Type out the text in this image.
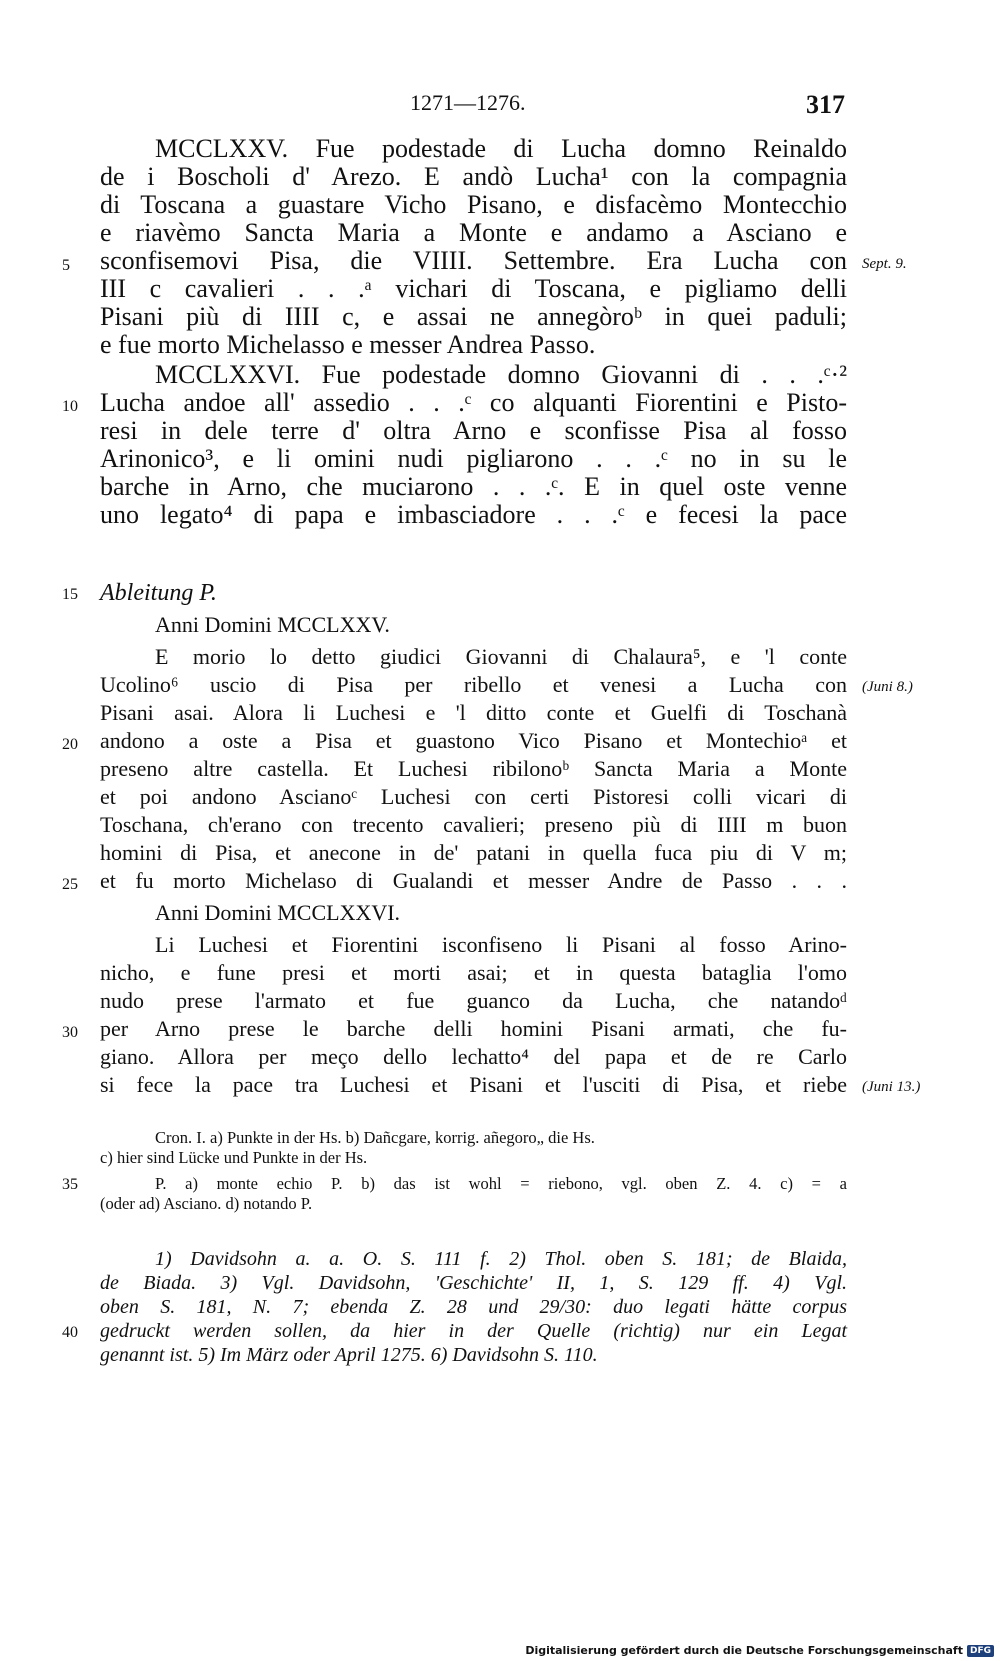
1271—1276.	317
MCCLXXV. Fue podestade di Lucha domno Reinaldo
de i Boscholi d' Arezo. E andò Lucha¹ con la compagnia
di Toscana a guastare Vicho Pisano, e disfacèmo Montecchio
e riavèmo Sancta Maria a Monte e andamo a Asciano e
sconfisemovi Pisa, die VIIII. Settembre. Era Lucha con
III c cavalieri . . .ᵃ vichari di Toscana, e pigliamo delli
Pisani più di IIII c, e assai ne annegòroᵇ in quei paduli;
e fue morto Michelasso e messer Andrea Passo.
MCCLXXVI. Fue podestade domno Giovanni di . . .ᶜ·²
Lucha andoe all' assedio . . .ᶜ co alquanti Fiorentini e Pisto-
resi in dele terre d' oltra Arno e sconfisse Pisa al fosso
Arinonico³, e li omini nudi pigliarono . . .ᶜ no in su le
barche in Arno, che muciarono . . .ᶜ. E in quel oste venne
uno legato⁴ di papa e imbasciadore . . .ᶜ e fecesi la pace
5
10
Sept. 9.
15 Ableitung P.
Anni Domini MCCLXXV.
E morio lo detto giudici Giovanni di Chalaura⁵, e 'l conte
Ucolino⁶ uscio di Pisa per ribello et venesi a Lucha con
Pisani asai. Alora li Luchesi e 'l ditto conte et Guelfi di Toschanà
andono a oste a Pisa et guastono Vico Pisano et Montechioᵃ et
preseno altre castella. Et Luchesi ribilonoᵇ Sancta Maria a Monte
et poi andono Ascianoᶜ Luchesi con certi Pistoresi colli vicari di
Toschana, ch'erano con trecento cavalieri; preseno più di IIII m buon
homini di Pisa, et anecone in de' patani in quella fuca piu di V m;
et fu morto Michelaso di Gualandi et messer Andre de Passo . . .
Anni Domini MCCLXXVI.
Li Luchesi et Fiorentini isconfiseno li Pisani al fosso Arino-
nicho, e fune presi et morti asai; et in questa bataglia l'omo
nudo prese l'armato et fue guanco da Lucha, che natandoᵈ
per Arno prese le barche delli homini Pisani armati, che fu-
giano. Allora per meço dello lechatto⁴ del papa et de re Carlo
si fece la pace tra Luchesi et Pisani et l'usciti di Pisa, et riebe
20
25
30
(Juni 8.)
(Juni 13.)
Cron. I. a) Punkte in der Hs. b) Dañcgare, korrig. añegoro„ die Hs.
c) hier sind Lücke und Punkte in der Hs.
P. a) monte echio P. b) das ist wohl = riebono, vgl. oben Z. 4. c) = a
(oder ad) Asciano. d) notando P.
35
1) Davidsohn a. a. O. S. 111 f. 2) Thol. oben S. 181; de Blaida,
de Biada. 3) Vgl. Davidsohn, 'Geschichte' II, 1, S. 129 ff. 4) Vgl.
oben S. 181, N. 7; ebenda Z. 28 und 29/30: duo legati hätte corpus
gedruckt werden sollen, da hier in der Quelle (richtig) nur ein Legat
genannt ist. 5) Im März oder April 1275. 6) Davidsohn S. 110.
40
Digitalisierung gefördert durch die Deutsche Forschungsgemeinschaft DFG
